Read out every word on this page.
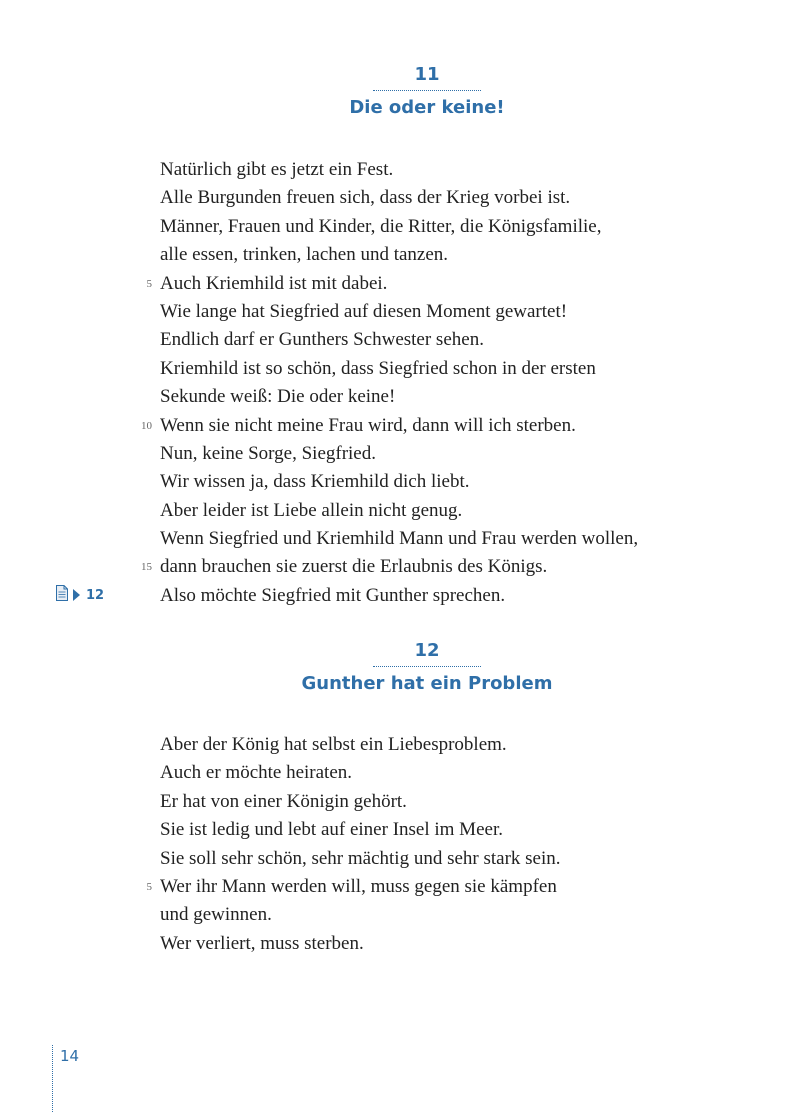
11
Die oder keine!
Natürlich gibt es jetzt ein Fest.
Alle Burgunden freuen sich, dass der Krieg vorbei ist.
Männer, Frauen und Kinder, die Ritter, die Königsfamilie,
alle essen, trinken, lachen und tanzen.
5 Auch Kriemhild ist mit dabei.
Wie lange hat Siegfried auf diesen Moment gewartet!
Endlich darf er Gunthers Schwester sehen.
Kriemhild ist so schön, dass Siegfried schon in der ersten
Sekunde weiß: Die oder keine!
10 Wenn sie nicht meine Frau wird, dann will ich sterben.
Nun, keine Sorge, Siegfried.
Wir wissen ja, dass Kriemhild dich liebt.
Aber leider ist Liebe allein nicht genug.
Wenn Siegfried und Kriemhild Mann und Frau werden wollen,
15 dann brauchen sie zuerst die Erlaubnis des Königs.
Also möchte Siegfried mit Gunther sprechen.
12
12
Gunther hat ein Problem
Aber der König hat selbst ein Liebesproblem.
Auch er möchte heiraten.
Er hat von einer Königin gehört.
Sie ist ledig und lebt auf einer Insel im Meer.
Sie soll sehr schön, sehr mächtig und sehr stark sein.
5 Wer ihr Mann werden will, muss gegen sie kämpfen
und gewinnen.
Wer verliert, muss sterben.
14
